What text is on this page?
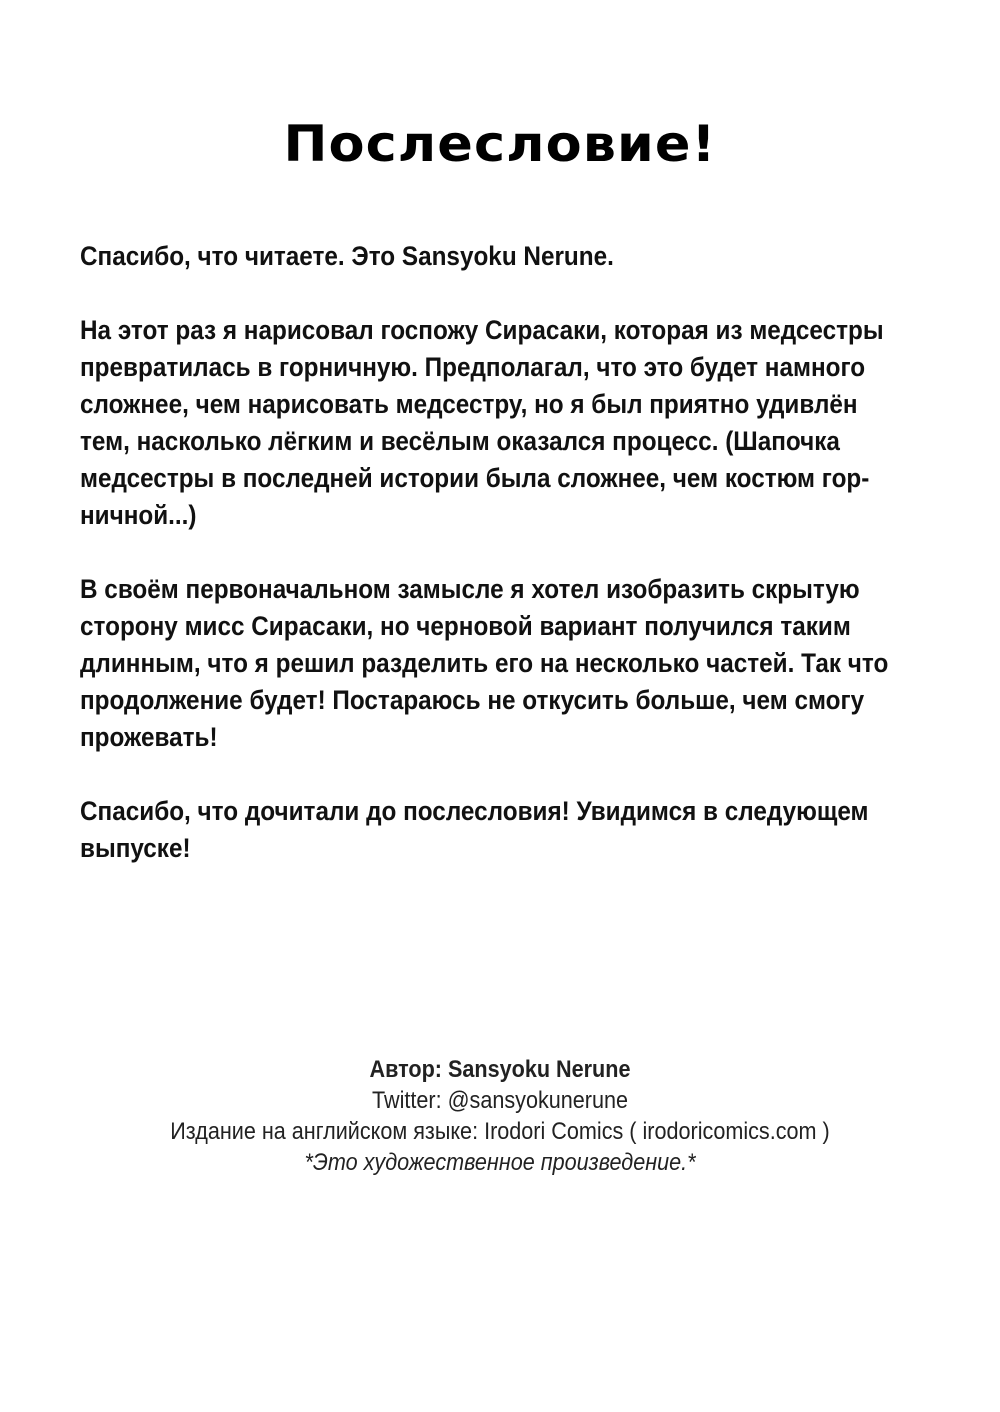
Послесловие!

Спасибо, что читаете. Это Sansyoku Nerune.

На этот раз я нарисовал госпожу Сирасаки, которая из медсестры
превратилась в горничную. Предполагал, что это будет намного
сложнее, чем нарисовать медсестру, но я был приятно удивлён
тем, насколько лёгким и весёлым оказался процесс. (Шапочка
медсестры в последней истории была сложнее, чем костюм гор-
ничной...)

В своём первоначальном замысле я хотел изобразить скрытую
сторону мисс Сирасаки, но черновой вариант получился таким
длинным, что я решил разделить его на несколько частей. Так что
продолжение будет! Постараюсь не откусить больше, чем смогу
прожевать!

Спасибо, что дочитали до послесловия! Увидимся в следующем
выпуске!

Автор: Sansyoku Nerune
Twitter: @sansyokunerune
Издание на английском языке: Irodori Comics ( irodoricomics.com )
*Это художественное произведение.*
